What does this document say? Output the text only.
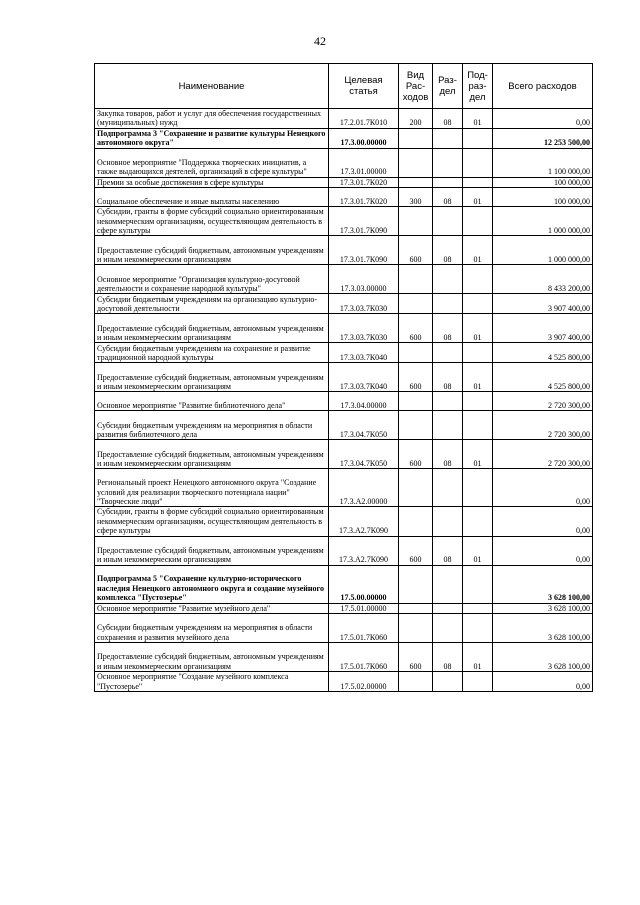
42
Наименование	Целевая статья	Вид Рас- ходов	Раз- дел	Под- раз- дел	Всего расходов
Закупка товаров, работ и услуг для обеспечения государственных (муниципальных) нужд	17.2.01.7К010	200	08	01	0,00
Подпрограмма 3 "Сохранение и развитие культуры Ненецкого автономного округа"	17.3.00.00000				12 253 500,00
Основное мероприятие "Поддержка творческих инициатив, а также выдающихся деятелей, организаций в сфере культуры"	17.3.01.00000				1 100 000,00
Премии за особые достижения в сфере культуры	17.3.01.7К020				100 000,00
Социальное обеспечение и иные выплаты населению	17.3.01.7К020	300	08	01	100 000,00
Субсидии, гранты в форме субсидий социально ориентированным некоммерческим организациям, осуществляющим деятельность в сфере культуры	17.3.01.7К090				1 000 000,00
Предоставление субсидий бюджетным, автономным учреждениям и иным некоммерческим организациям	17.3.01.7К090	600	08	01	1 000 000,00
Основное мероприятие "Организация культурно-досуговой деятельности и сохранение народной культуры"	17.3.03.00000				8 433 200,00
Субсидии бюджетным учреждениям на организацию культурно-досуговой деятельности	17.3.03.7К030				3 907 400,00
Предоставление субсидий бюджетным, автономным учреждениям и иным некоммерческим организациям	17.3.03.7К030	600	08	01	3 907 400,00
Субсидии бюджетным учреждениям на сохранение и развитие традиционной народной культуры	17.3.03.7К040				4 525 800,00
Предоставление субсидий бюджетным, автономным учреждениям и иным некоммерческим организациям	17.3.03.7К040	600	08	01	4 525 800,00
Основное мероприятие "Развитие библиотечного дела"	17.3.04.00000				2 720 300,00
Субсидии бюджетным учреждениям на мероприятия в области развития библиотечного дела	17.3.04.7К050				2 720 300,00
Предоставление субсидий бюджетным, автономным учреждениям и иным некоммерческим организациям	17.3.04.7К050	600	08	01	2 720 300,00
Региональный проект Ненецкого автономного округа "Создание условий для реализации творческого потенциала нации" "Творческие люди"	17.3.А2.00000				0,00
Субсидии, гранты в форме субсидий социально ориентированным некоммерческим организациям, осуществляющим деятельность в сфере культуры	17.3.А2.7К090				0,00
Предоставление субсидий бюджетным, автономным учреждениям и иным некоммерческим организациям	17.3.А2.7К090	600	08	01	0,00
Подпрограмма 5 "Сохранение культурно-исторического наследия Ненецкого автономного округа и создание музейного комплекса "Пустозерье"	17.5.00.00000				3 628 100,00
Основное мероприятие "Развитие музейного дела"	17.5.01.00000				3 628 100,00
Субсидии бюджетным учреждениям на мероприятия в области сохранения и развития музейного дела	17.5.01.7К060				3 628 100,00
Предоставление субсидий бюджетным, автономным учреждениям и иным некоммерческим организациям	17.5.01.7К060	600	08	01	3 628 100,00
Основное мероприятие "Создание музейного комплекса "Пустозерье"	17.5.02.00000				0,00
